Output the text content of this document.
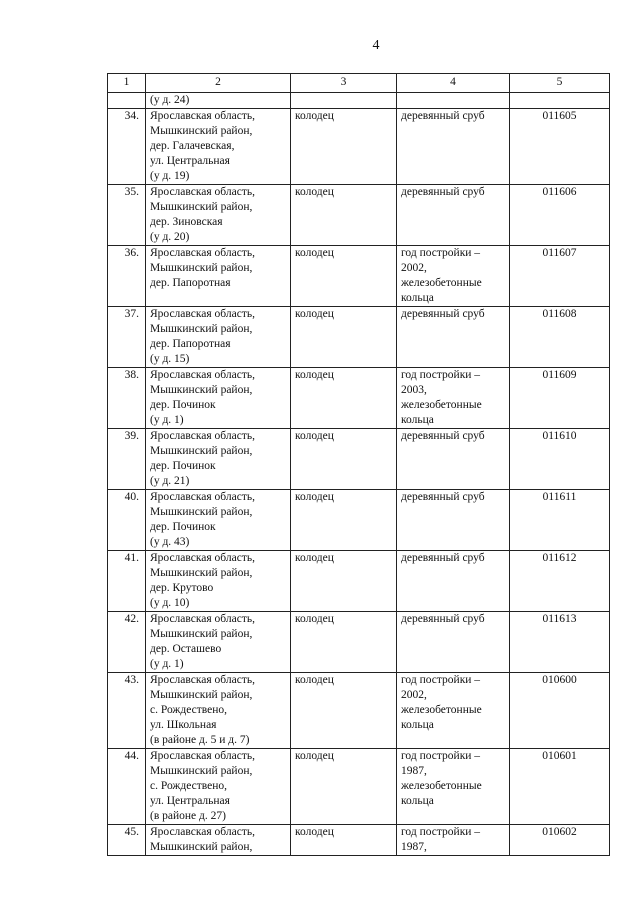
4
1	2	3	4	5

	(у д. 24)			

34.	Ярославская область,
Мышкинский район,
дер. Галачевская,
ул. Центральная
(у д. 19)	колодец	деревянный сруб	011605
35.	Ярославская область,
Мышкинский район,
дер. Зиновская
(у д. 20)	колодец	деревянный сруб	011606
36.	Ярославская область,
Мышкинский район,
дер. Папоротная	колодец	год постройки –
2002,
железобетонные
кольца	011607
37.	Ярославская область,
Мышкинский район,
дер. Папоротная
(у д. 15)	колодец	деревянный сруб	011608
38.	Ярославская область,
Мышкинский район,
дер. Починок
(у д. 1)	колодец	год постройки –
2003,
железобетонные
кольца	011609
39.	Ярославская область,
Мышкинский район,
дер. Починок
(у д. 21)	колодец	деревянный сруб	011610
40.	Ярославская область,
Мышкинский район,
дер. Починок
(у д. 43)	колодец	деревянный сруб	011611
41.	Ярославская область,
Мышкинский район,
дер. Крутово
(у д. 10)	колодец	деревянный сруб	011612
42.	Ярославская область,
Мышкинский район,
дер. Осташево
(у д. 1)	колодец	деревянный сруб	011613
43.	Ярославская область,
Мышкинский район,
с. Рождествено,
ул. Школьная
(в районе д. 5 и д. 7)	колодец	год постройки –
2002,
железобетонные
кольца	010600
44.	Ярославская область,
Мышкинский район,
с. Рождествено,
ул. Центральная
(в районе д. 27)	колодец	год постройки –
1987,
железобетонные
кольца	010601
45.	Ярославская область,
Мышкинский район,	колодец	год постройки –
1987,	010602
